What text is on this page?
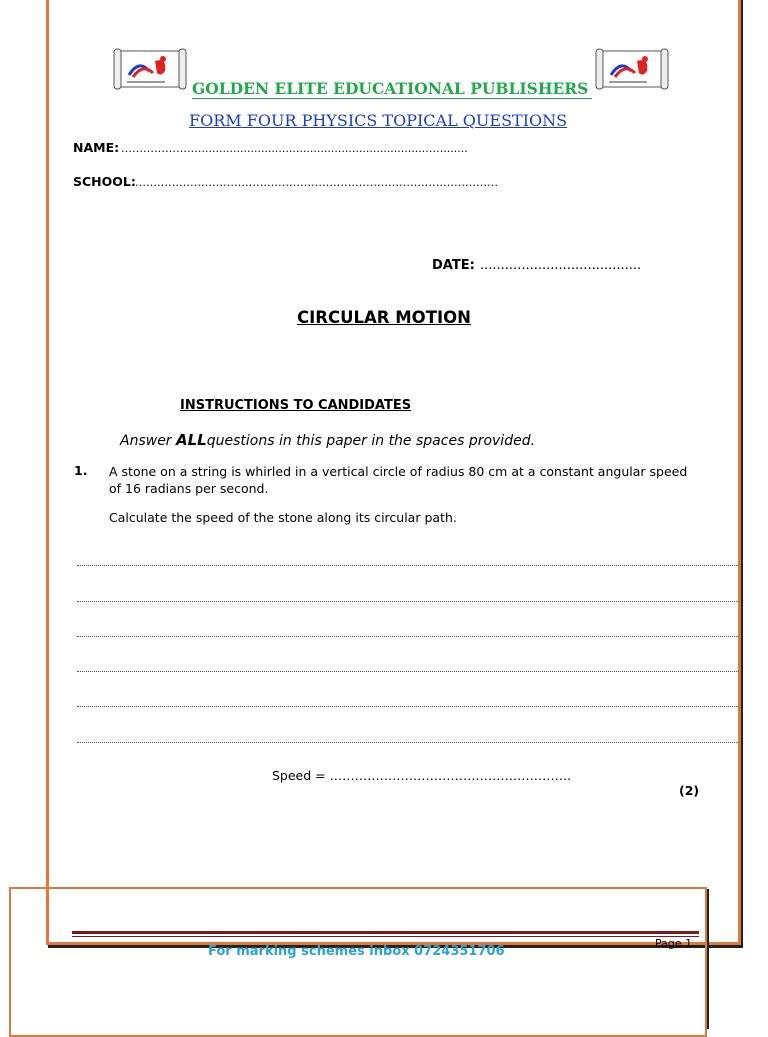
GOLDEN ELITE EDUCATIONAL PUBLISHERS
FORM FOUR PHYSICS TOPICAL QUESTIONS
NAME: ……………….….................................................................…........
SCHOOL: ………………………………………………………………………………………
DATE: .......................................
CIRCULAR MOTION
INSTRUCTIONS TO CANDIDATES
Answer ALLquestions in this paper in the spaces provided.
1. A stone on a string is whirled in a vertical circle of radius 80 cm at a constant angular speed of 16 radians per second.
Calculate the speed of the stone along its circular path.
Speed = ………………………………………………….
(2)
Page 1
For marking schemes inbox 0724351706
